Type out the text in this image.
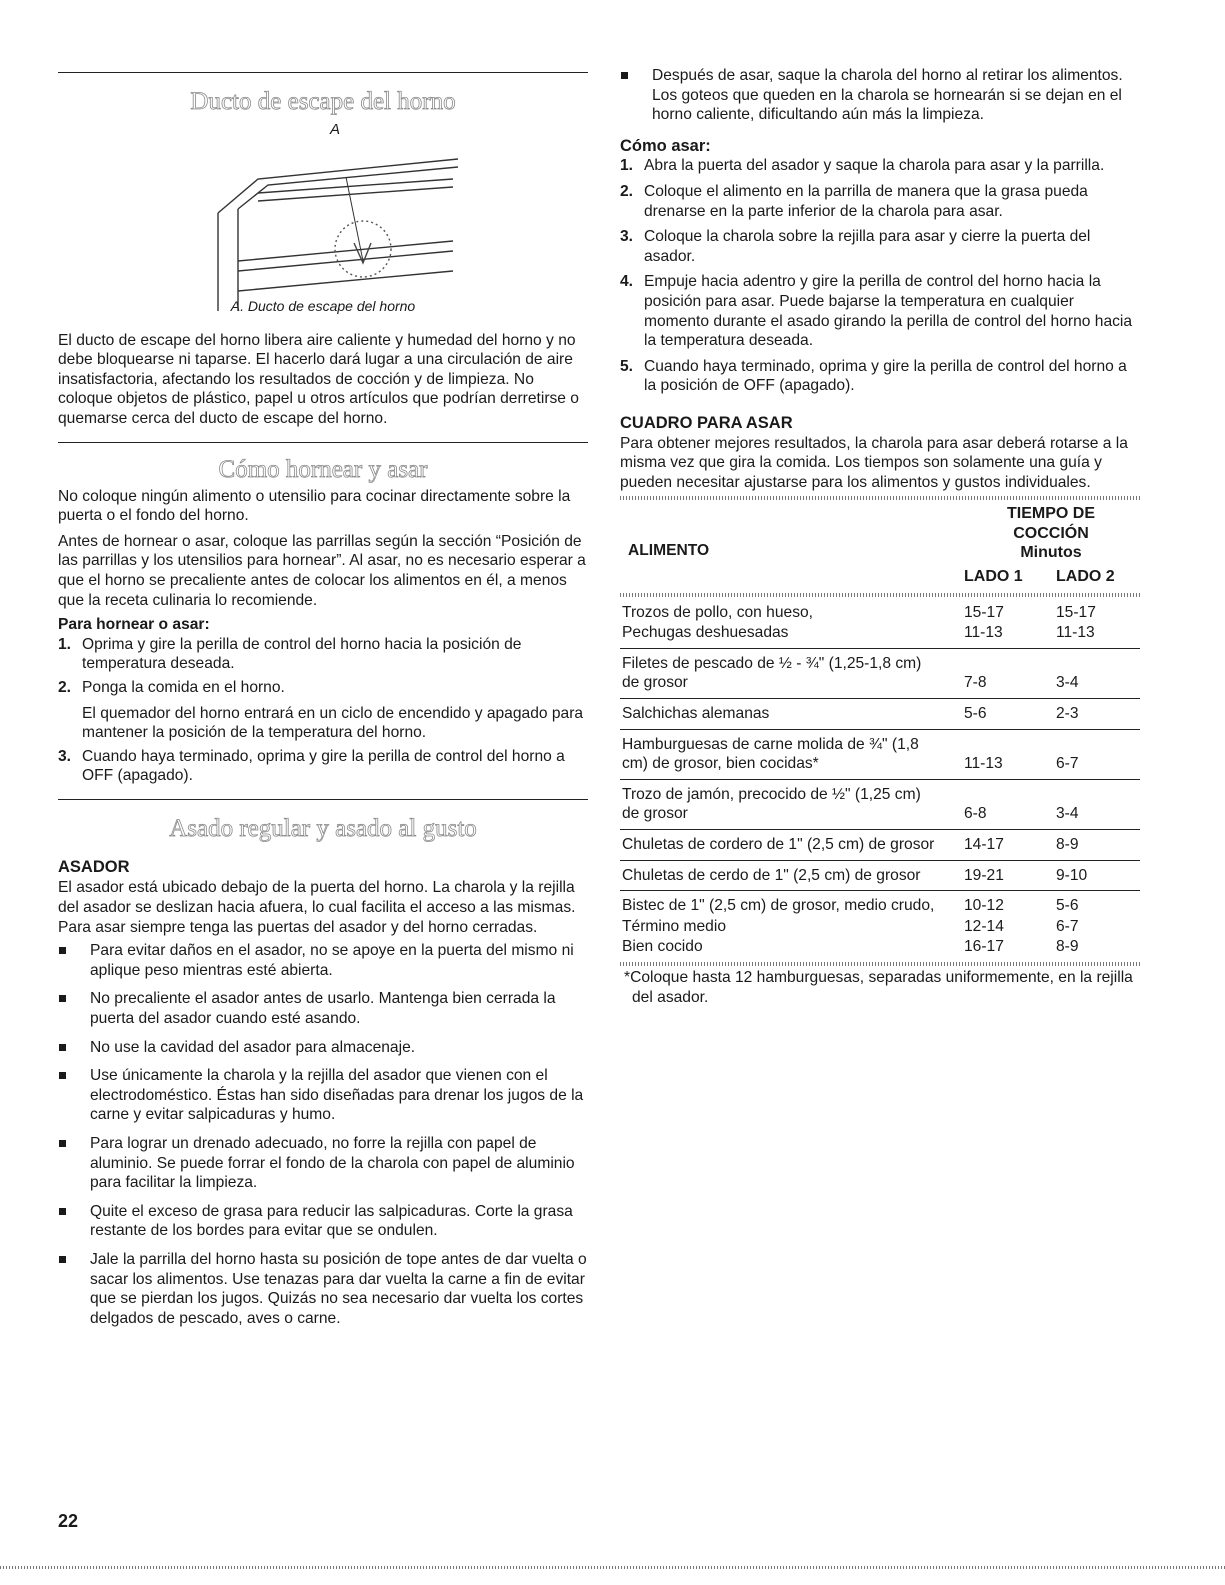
Ducto de escape del horno
A

A. Ducto de escape del horno

El ducto de escape del horno libera aire caliente y humedad del horno y no debe bloquearse ni taparse. El hacerlo dará lugar a una circulación de aire insatisfactoria, afectando los resultados de cocción y de limpieza. No coloque objetos de plástico, papel u otros artículos que podrían derretirse o quemarse cerca del ducto de escape del horno.

Cómo hornear y asar

No coloque ningún alimento o utensilio para cocinar directamente sobre la puerta o el fondo del horno.

Antes de hornear o asar, coloque las parrillas según la sección “Posición de las parrillas y los utensilios para hornear”. Al asar, no es necesario esperar a que el horno se precaliente antes de colocar los alimentos en él, a menos que la receta culinaria lo recomiende.

Para hornear o asar:

1. Oprima y gire la perilla de control del horno hacia la posición de temperatura deseada.
2. Ponga la comida en el horno.
El quemador del horno entrará en un ciclo de encendido y apagado para mantener la posición de la temperatura del horno.
3. Cuando haya terminado, oprima y gire la perilla de control del horno a OFF (apagado).
Asado regular y asado al gusto

ASADOR

El asador está ubicado debajo de la puerta del horno. La charola y la rejilla del asador se deslizan hacia afuera, lo cual facilita el acceso a las mismas. Para asar siempre tenga las puertas del asador y del horno cerradas.

Para evitar daños en el asador, no se apoye en la puerta del mismo ni aplique peso mientras esté abierta.
No precaliente el asador antes de usarlo. Mantenga bien cerrada la puerta del asador cuando esté asando.
No use la cavidad del asador para almacenaje.
Use únicamente la charola y la rejilla del asador que vienen con el electrodoméstico. Éstas han sido diseñadas para drenar los jugos de la carne y evitar salpicaduras y humo.
Para lograr un drenado adecuado, no forre la rejilla con papel de aluminio. Se puede forrar el fondo de la charola con papel de aluminio para facilitar la limpieza.
Quite el exceso de grasa para reducir las salpicaduras. Corte la grasa restante de los bordes para evitar que se ondulen.
Jale la parrilla del horno hasta su posición de tope antes de dar vuelta o sacar los alimentos. Use tenazas para dar vuelta la carne a fin de evitar que se pierdan los jugos. Quizás no sea necesario dar vuelta los cortes delgados de pescado, aves o carne.
Después de asar, saque la charola del horno al retirar los alimentos. Los goteos que queden en la charola se hornearán si se dejan en el horno caliente, dificultando aún más la limpieza.

Cómo asar:

1. Abra la puerta del asador y saque la charola para asar y la parrilla.
2. Coloque el alimento en la parrilla de manera que la grasa pueda drenarse en la parte inferior de la charola para asar.
3. Coloque la charola sobre la rejilla para asar y cierre la puerta del asador.
4. Empuje hacia adentro y gire la perilla de control del horno hacia la posición para asar. Puede bajarse la temperatura en cualquier momento durante el asado girando la perilla de control del horno hacia la temperatura deseada.
5. Cuando haya terminado, oprima y gire la perilla de control del horno a la posición de OFF (apagado).

CUADRO PARA ASAR

Para obtener mejores resultados, la charola para asar deberá rotarse a la misma vez que gira la comida. Los tiempos son solamente una guía y pueden necesitar ajustarse para los alimentos y gustos individuales.

ALIMENTO	TIEMPO DE
COCCIÓN
Minutos	

	LADO 1	LADO 2
Trozos de pollo, con hueso,	15-17	15-17
Pechugas deshuesadas	11-13	11-13
Filetes de pescado de ½ - ¾" (1,25-1,8 cm) de grosor	7-8	3-4
Salchichas alemanas	5-6	2-3
Hamburguesas de carne molida de ¾" (1,8 cm) de grosor, bien cocidas*	11-13	6-7
Trozo de jamón, precocido de ½" (1,25 cm) de grosor	6-8	3-4
Chuletas de cordero de 1" (2,5 cm) de grosor	14-17	8-9
Chuletas de cerdo de 1" (2,5 cm) de grosor	19-21	9-10
Bistec de 1" (2,5 cm) de grosor, medio crudo,	10-12	5-6
Término medio	12-14	6-7
Bien cocido	16-17	8-9

*Coloque hasta 12 hamburguesas, separadas uniformemente, en la rejilla del asador.

22
